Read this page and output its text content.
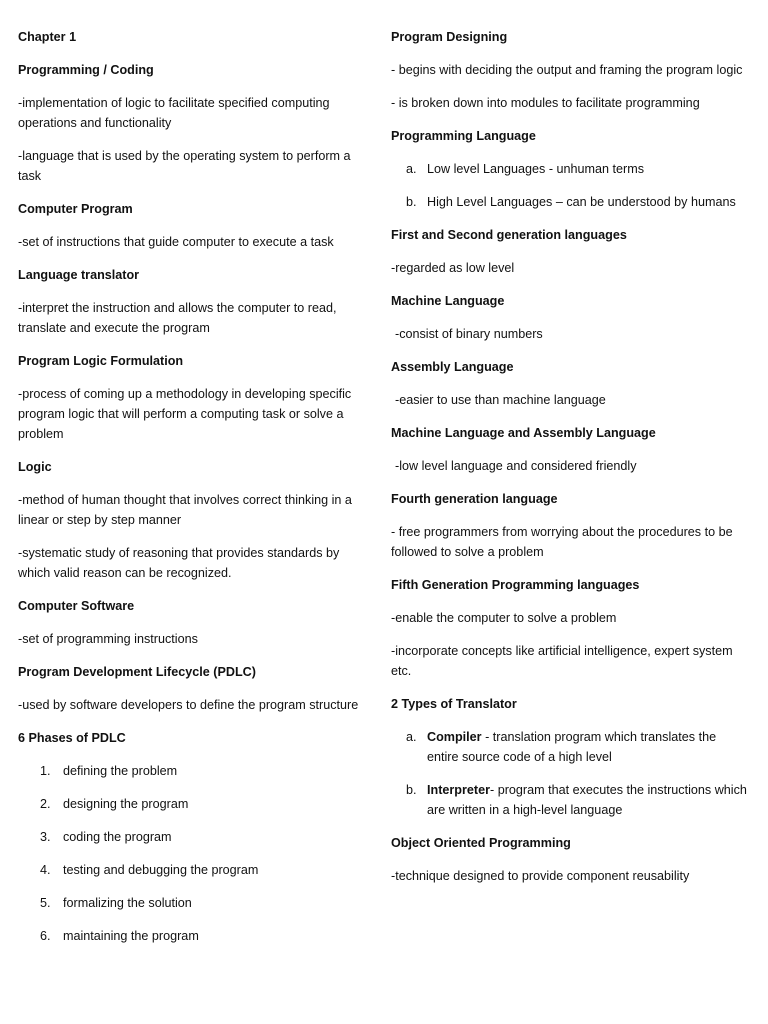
Chapter 1
Programming / Coding
-implementation of logic to facilitate specified computing operations and functionality
-language that is used by the operating system to perform a task
Computer Program
-set of instructions that guide computer to execute a task
Language translator
-interpret the instruction and allows the computer to read, translate and execute the program
Program Logic Formulation
-process of coming up a methodology in developing specific program logic that will perform a computing task or solve a problem
Logic
-method of human thought that involves correct thinking in a linear or step by step manner
-systematic study of reasoning that provides standards by which valid reason can be recognized.
Computer Software
-set of programming instructions
Program Development Lifecycle (PDLC)
-used by software developers to define the program structure
6 Phases of PDLC
1. defining the problem
2. designing the program
3. coding the program
4. testing and debugging the program
5. formalizing the solution
6. maintaining the program
Program Designing
- begins with deciding the output and framing the program logic
- is broken down into modules to facilitate programming
Programming Language
a. Low level Languages - unhuman terms
b. High Level Languages – can be understood by humans
First and Second generation languages
-regarded as low level
Machine Language
-consist of binary numbers
Assembly Language
-easier to use than machine language
Machine Language and Assembly Language
-low level language and considered friendly
Fourth generation language
- free programmers from worrying about the procedures to be followed to solve a problem
Fifth Generation Programming languages
-enable the computer to solve a problem
-incorporate concepts like artificial intelligence, expert system etc.
2 Types of Translator
a. Compiler - translation program which translates the entire source code of a high level
b. Interpreter- program that executes the instructions which are written in a high-level language
Object Oriented Programming
-technique designed to provide component reusability
